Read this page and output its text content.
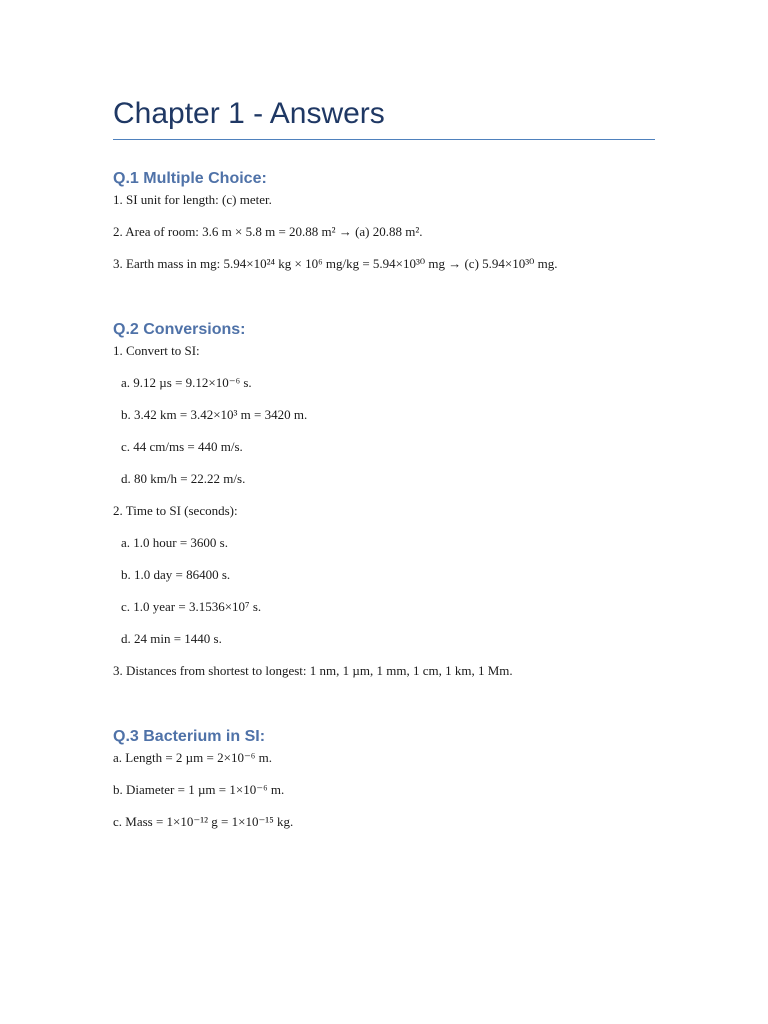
Chapter 1 - Answers
Q.1 Multiple Choice:

1. SI unit for length: (c) meter.

2. Area of room: 3.6 m × 5.8 m = 20.88 m² → (a) 20.88 m².

3. Earth mass in mg: 5.94×10²⁴ kg × 10⁶ mg/kg = 5.94×10³⁰ mg → (c) 5.94×10³⁰ mg.

Q.2 Conversions:

1. Convert to SI:

a. 9.12 µs = 9.12×10⁻⁶ s.

b. 3.42 km = 3.42×10³ m = 3420 m.

c. 44 cm/ms = 440 m/s.

d. 80 km/h = 22.22 m/s.

2. Time to SI (seconds):

a. 1.0 hour = 3600 s.

b. 1.0 day = 86400 s.

c. 1.0 year = 3.1536×10⁷ s.

d. 24 min = 1440 s.

3. Distances from shortest to longest: 1 nm, 1 µm, 1 mm, 1 cm, 1 km, 1 Mm.

Q.3 Bacterium in SI:

a. Length = 2 µm = 2×10⁻⁶ m.

b. Diameter = 1 µm = 1×10⁻⁶ m.

c. Mass = 1×10⁻¹² g = 1×10⁻¹⁵ kg.
